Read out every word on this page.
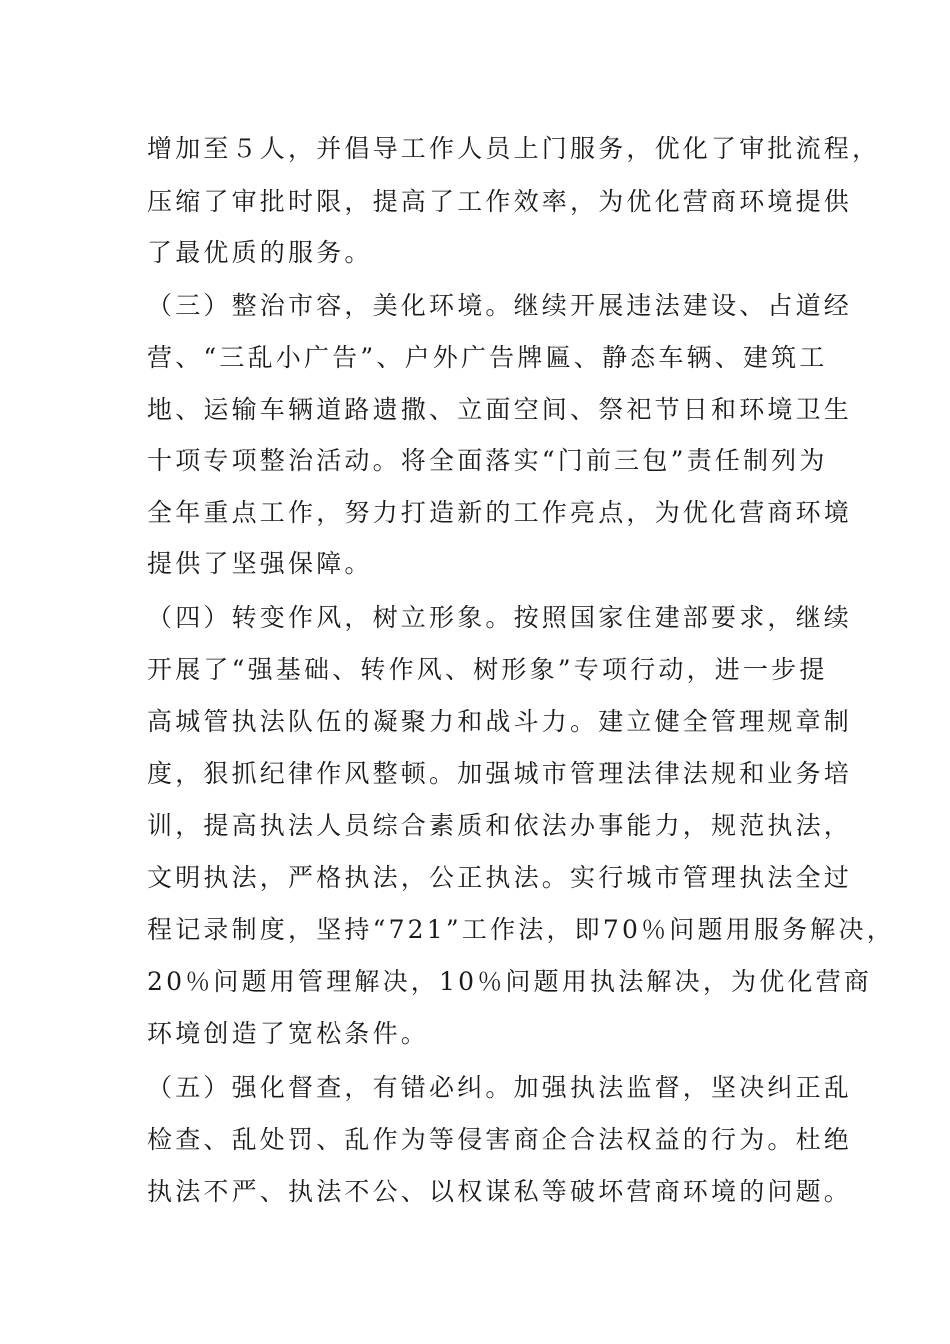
增加至５人，并倡导工作人员上门服务，优化了审批流程，

压缩了审批时限，提高了工作效率，为优化营商环境提供

了最优质的服务。

（三）整治市容，美化环境。继续开展违法建设、占道经

营、“三乱小广告”、户外广告牌匾、静态车辆、建筑工

地、运输车辆道路遗撒、立面空间、祭祀节日和环境卫生

十项专项整治活动。将全面落实“门前三包”责任制列为

全年重点工作，努力打造新的工作亮点，为优化营商环境

提供了坚强保障。

（四）转变作风，树立形象。按照国家住建部要求，继续

开展了“强基础、转作风、树形象”专项行动，进一步提

高城管执法队伍的凝聚力和战斗力。建立健全管理规章制

度，狠抓纪律作风整顿。加强城市管理法律法规和业务培

训，提高执法人员综合素质和依法办事能力，规范执法，

文明执法，严格执法，公正执法。实行城市管理执法全过

程记录制度，坚持“721”工作法，即70％问题用服务解决，

20％问题用管理解决，10％问题用执法解决，为优化营商

环境创造了宽松条件。

（五）强化督查，有错必纠。加强执法监督，坚决纠正乱

检查、乱处罚、乱作为等侵害商企合法权益的行为。杜绝

执法不严、执法不公、以权谋私等破坏营商环境的问题。
